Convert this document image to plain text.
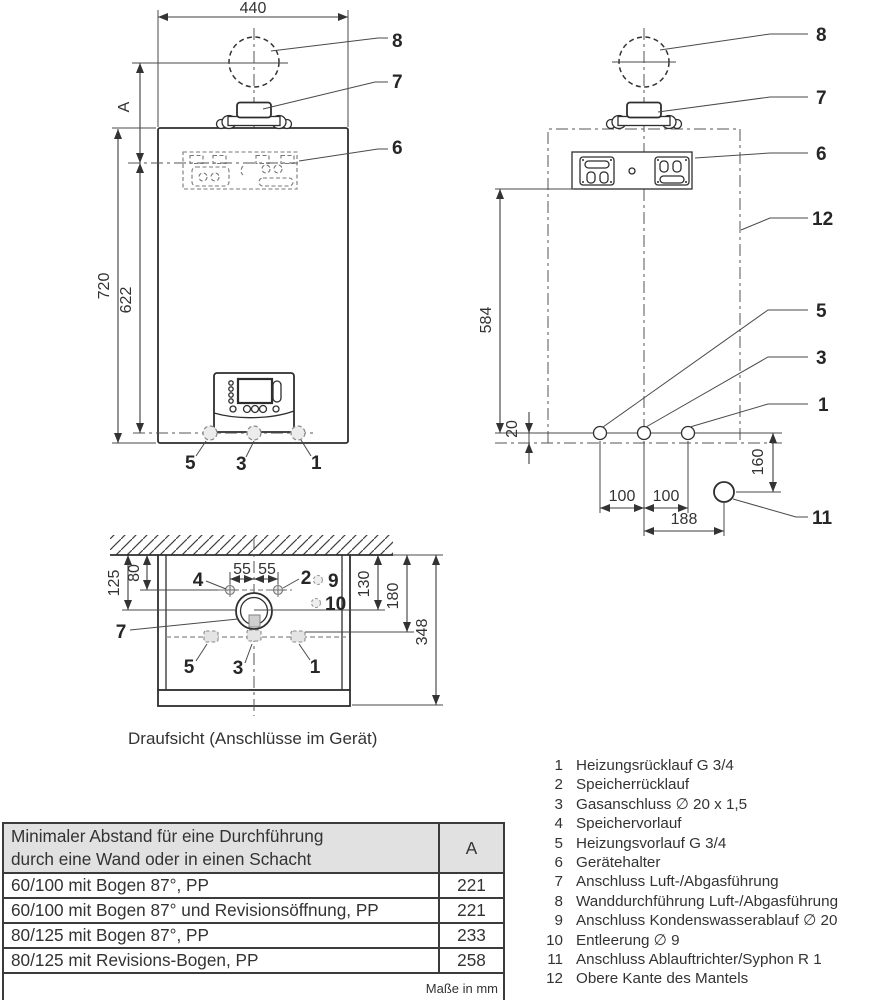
440
A
5 3	1
720
622
8
7
6
584
20
100 100
188
160
8
7
6
12
5
3
1
11
55 55
80
125	130 180
348
4	2 9
10
7
5 3	1
Draufsicht (Anschlüsse im Gerät)
Minimaler Abstand für eine Durchführung
durch eine Wand oder in einen Schacht	A
60/100 mit Bogen 87°, PP	221
60/100 mit Bogen 87° und Revisionsöffnung, PP	221
80/125 mit Bogen 87°, PP	233
80/125 mit Revisions-Bogen, PP	258
Maße in mm	
1 Heizungsrücklauf G 3/4
2 Speicherrücklauf
3 Gasanschluss ∅ 20 x 1,5
4 Speichervorlauf
5 Heizungsvorlauf G 3/4
6 Gerätehalter
7 Anschluss Luft-/Abgasführung
8 Wanddurchführung Luft-/Abgasführung
9 Anschluss Kondenswasserablauf ∅ 20
10 Entleerung ∅ 9
11 Anschluss Ablauftrichter/Syphon R 1
12 Obere Kante des Mantels
